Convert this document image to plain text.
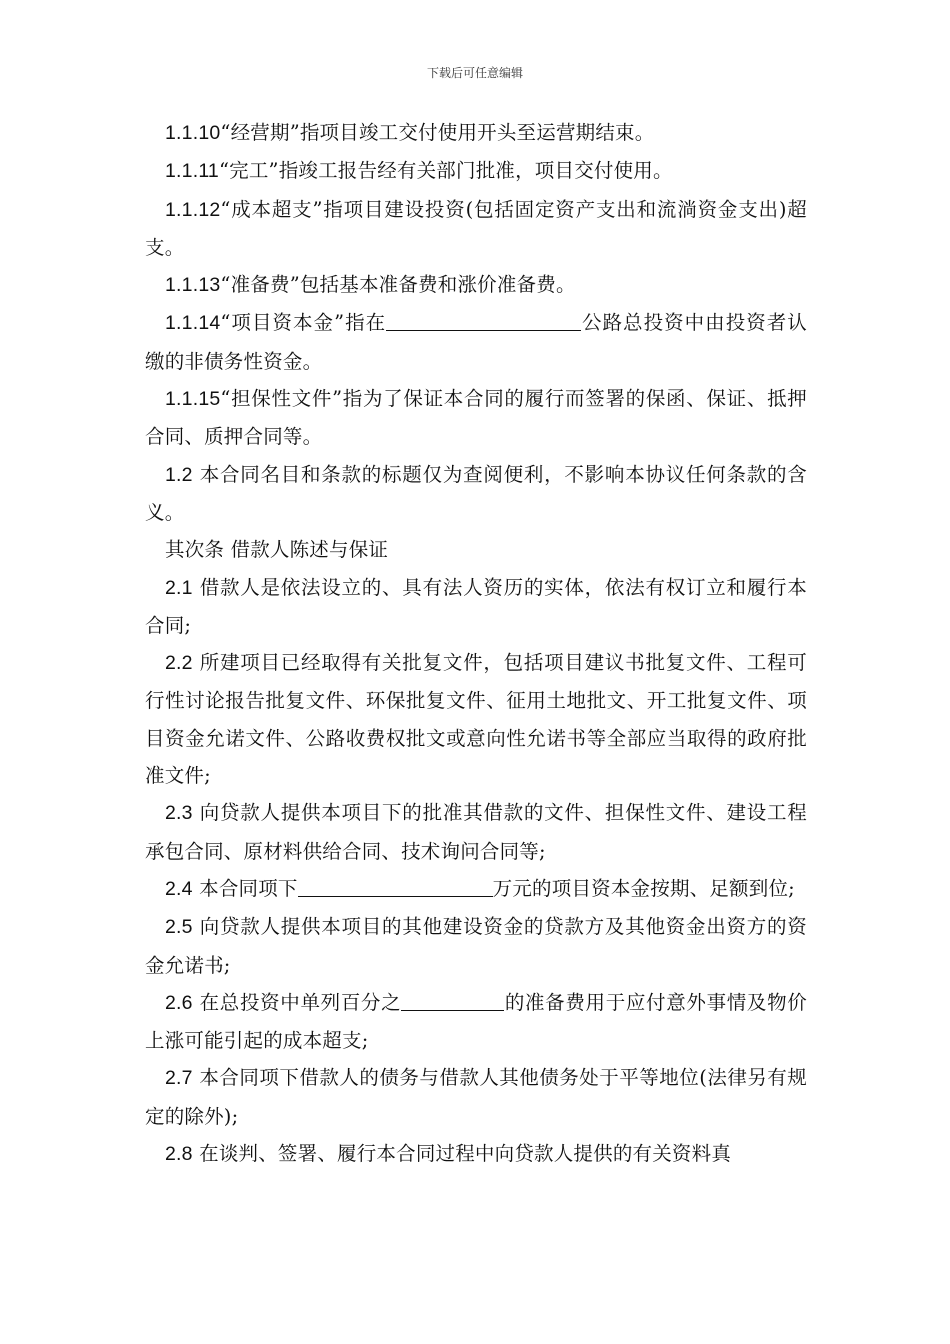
下载后可任意编辑

1.1.10“经营期”指项目竣工交付使用开头至运营期结束。

1.1.11“完工”指竣工报告经有关部门批准，项目交付使用。

1.1.12“成本超支”指项目建设投资(包括固定资产支出和流淌资金支出)超支。

1.1.13“准备费”包括基本准备费和涨价准备费。

1.1.14“项目资本金”指在	公路总投资中由投资者认缴的非债务性资金。

1.1.15“担保性文件”指为了保证本合同的履行而签署的保函、保证、抵押合同、质押合同等。

1.2 本合同名目和条款的标题仅为查阅便利，不影响本协议任何条款的含义。

其次条 借款人陈述与保证

2.1 借款人是依法设立的、具有法人资历的实体，依法有权订立和履行本合同;

2.2 所建项目已经取得有关批复文件，包括项目建议书批复文件、工程可行性讨论报告批复文件、环保批复文件、征用土地批文、开工批复文件、项目资金允诺文件、公路收费权批文或意向性允诺书等全部应当取得的政府批准文件;

2.3 向贷款人提供本项目下的批准其借款的文件、担保性文件、建设工程承包合同、原材料供给合同、技术询问合同等;

2.4 本合同项下	万元的项目资本金按期、足额到位;

2.5 向贷款人提供本项目的其他建设资金的贷款方及其他资金出资方的资金允诺书;

2.6 在总投资中单列百分之	的准备费用于应付意外事情及物价上涨可能引起的成本超支;

2.7 本合同项下借款人的债务与借款人其他债务处于平等地位(法律另有规定的除外);

2.8 在谈判、签署、履行本合同过程中向贷款人提供的有关资料真
